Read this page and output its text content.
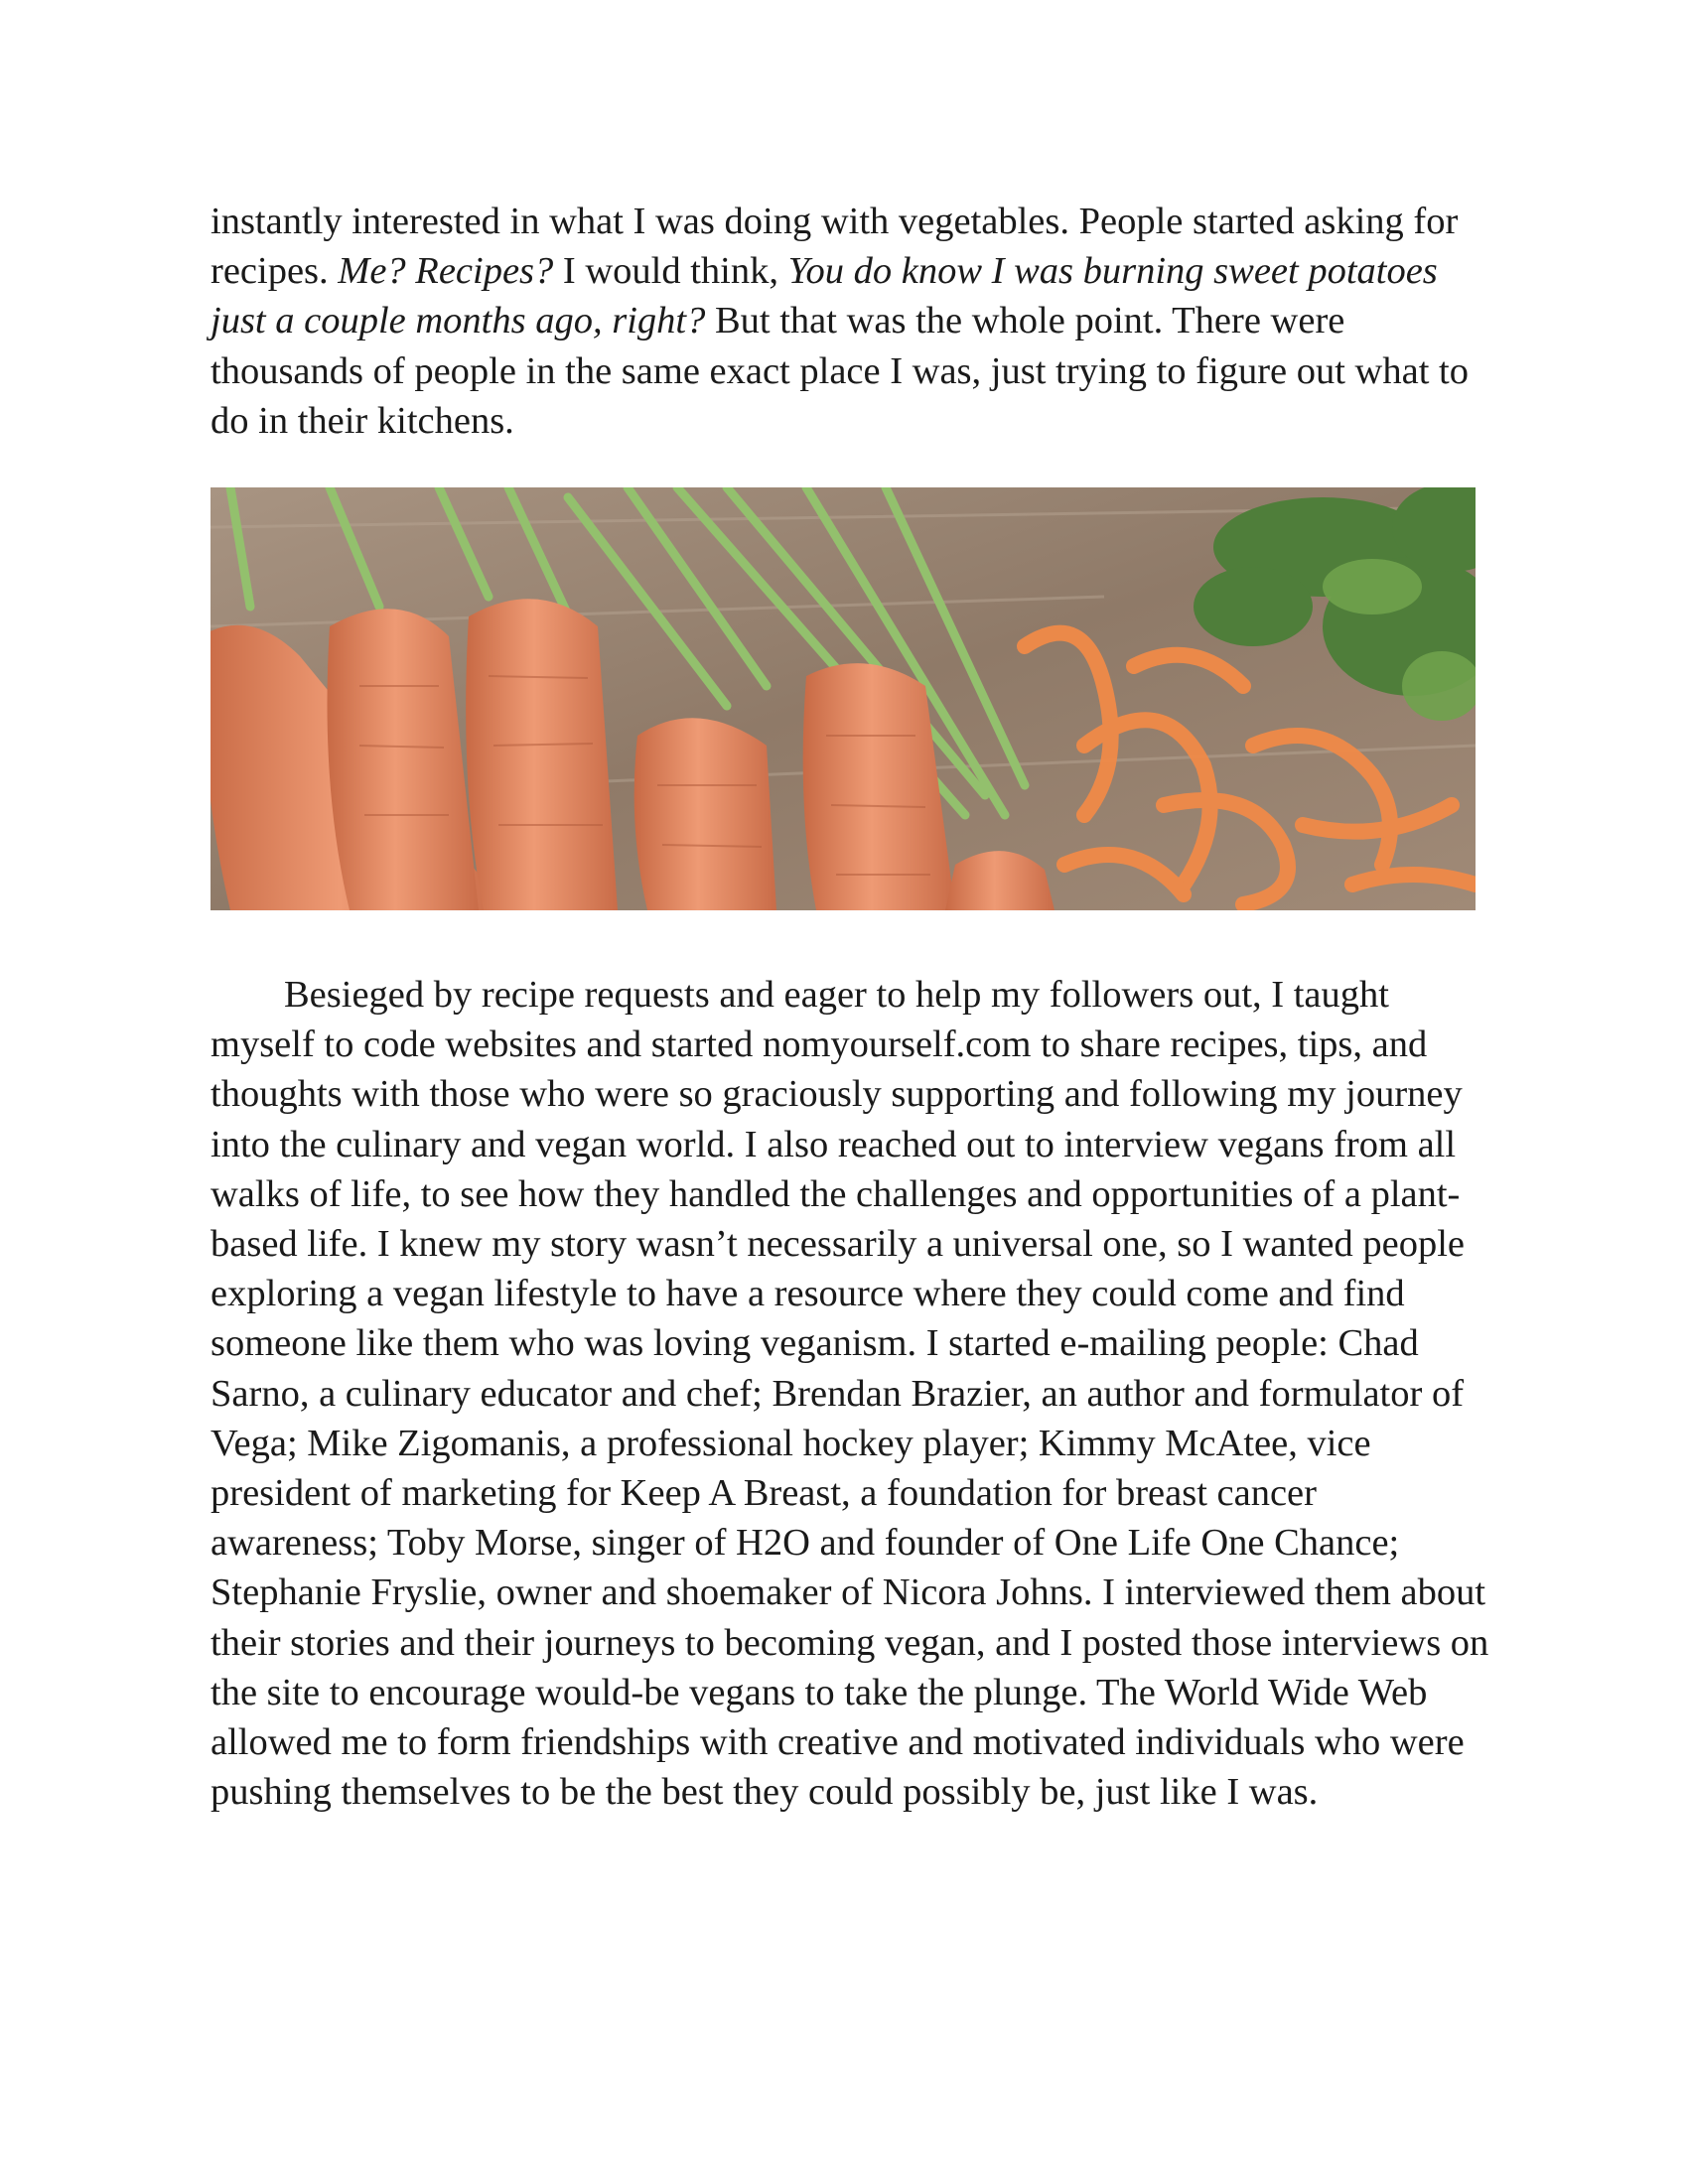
instantly interested in what I was doing with vegetables. People started asking for recipes. Me? Recipes? I would think, You do know I was burning sweet potatoes just a couple months ago, right? But that was the whole point. There were thousands of people in the same exact place I was, just trying to figure out what to do in their kitchens.

Besieged by recipe requests and eager to help my followers out, I taught myself to code websites and started nomyourself.com to share recipes, tips, and thoughts with those who were so graciously supporting and following my journey into the culinary and vegan world. I also reached out to interview vegans from all walks of life, to see how they handled the challenges and opportunities of a plant-based life. I knew my story wasn’t necessarily a universal one, so I wanted people exploring a vegan lifestyle to have a resource where they could come and find someone like them who was loving veganism. I started e-mailing people: Chad Sarno, a culinary educator and chef; Brendan Brazier, an author and formulator of Vega; Mike Zigomanis, a professional hockey player; Kimmy McAtee, vice president of marketing for Keep A Breast, a foundation for breast cancer awareness; Toby Morse, singer of H2O and founder of One Life One Chance; Stephanie Fryslie, owner and shoemaker of Nicora Johns. I interviewed them about their stories and their journeys to becoming vegan, and I posted those interviews on the site to encourage would-be vegans to take the plunge. The World Wide Web allowed me to form friendships with creative and motivated individuals who were pushing themselves to be the best they could possibly be, just like I was.
